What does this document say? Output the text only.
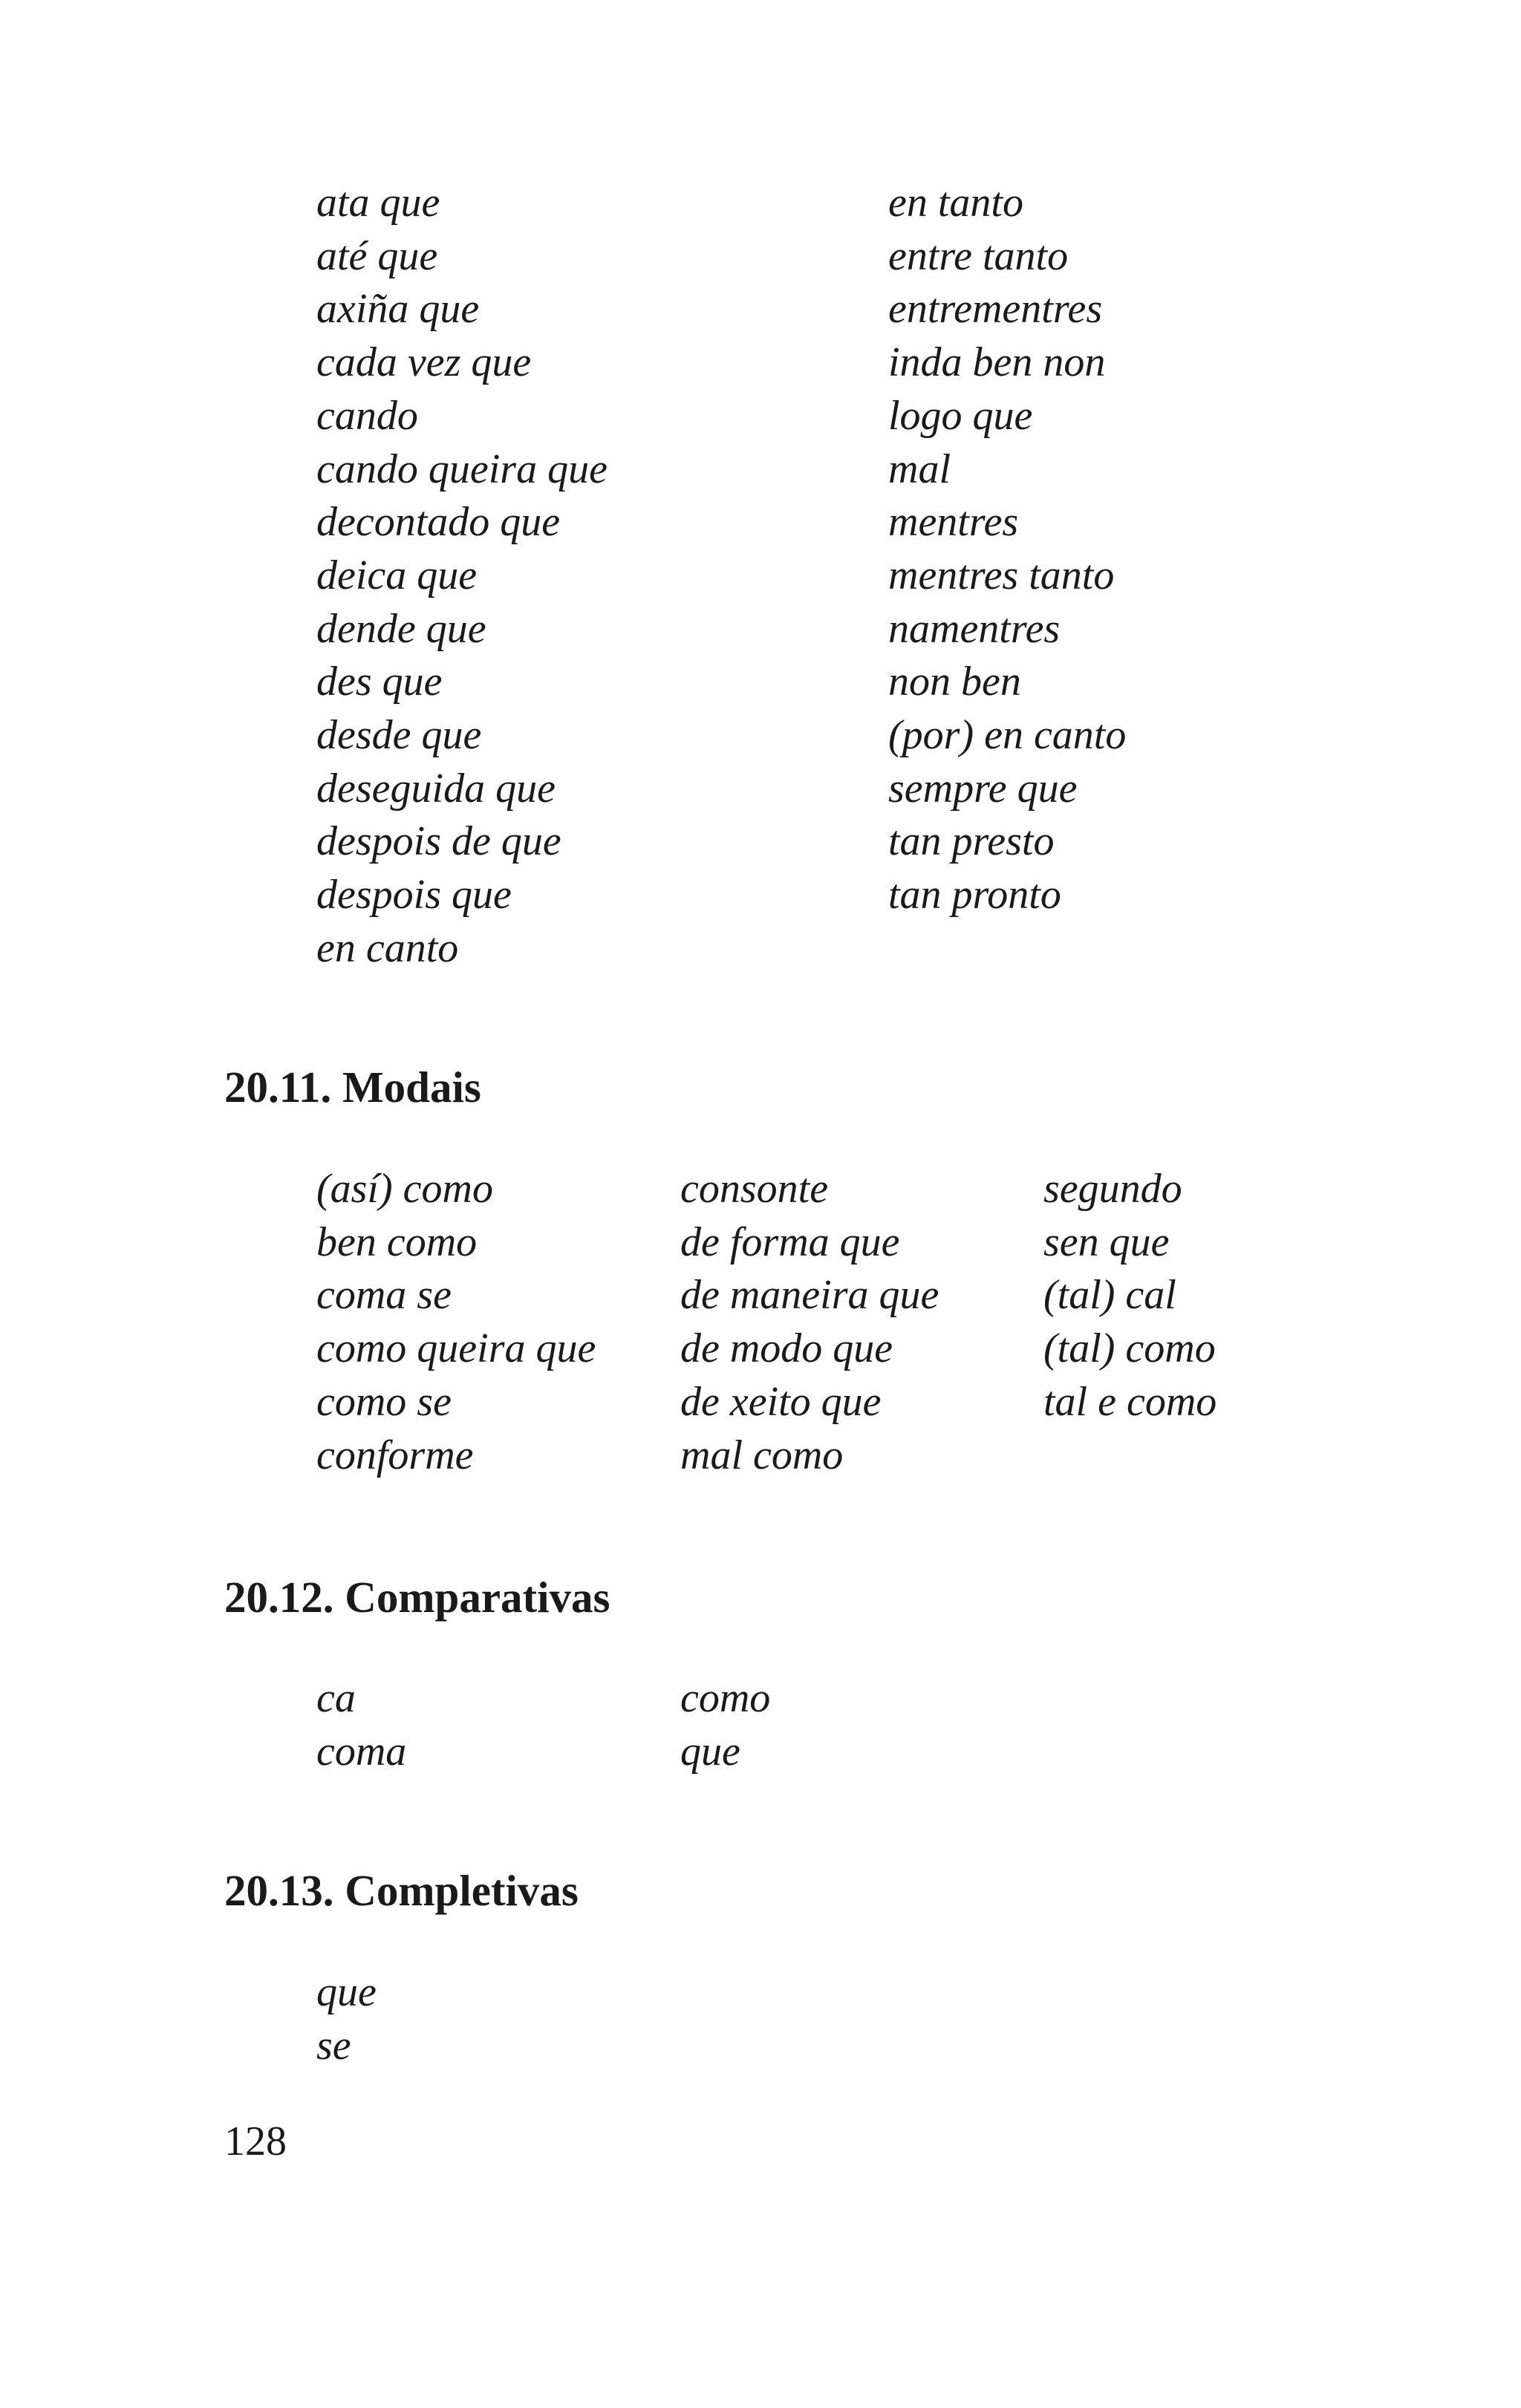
ata que
até que
axiña que
cada vez que
cando
cando queira que
decontado que
deica que
dende que
des que
desde que
deseguida que
despois de que
despois que
en canto
en tanto
entre tanto
entrementres
inda ben non
logo que
mal
mentres
mentres tanto
namentres
non ben
(por) en canto
sempre que
tan presto
tan pronto
20.11. Modais
(así) como
ben como
coma se
como queira que
como se
conforme
consonte
de forma que
de maneira que
de modo que
de xeito que
mal como
segundo
sen que
(tal) cal
(tal) como
tal e como
20.12. Comparativas
ca
coma
como
que
20.13. Completivas
que
se
128
